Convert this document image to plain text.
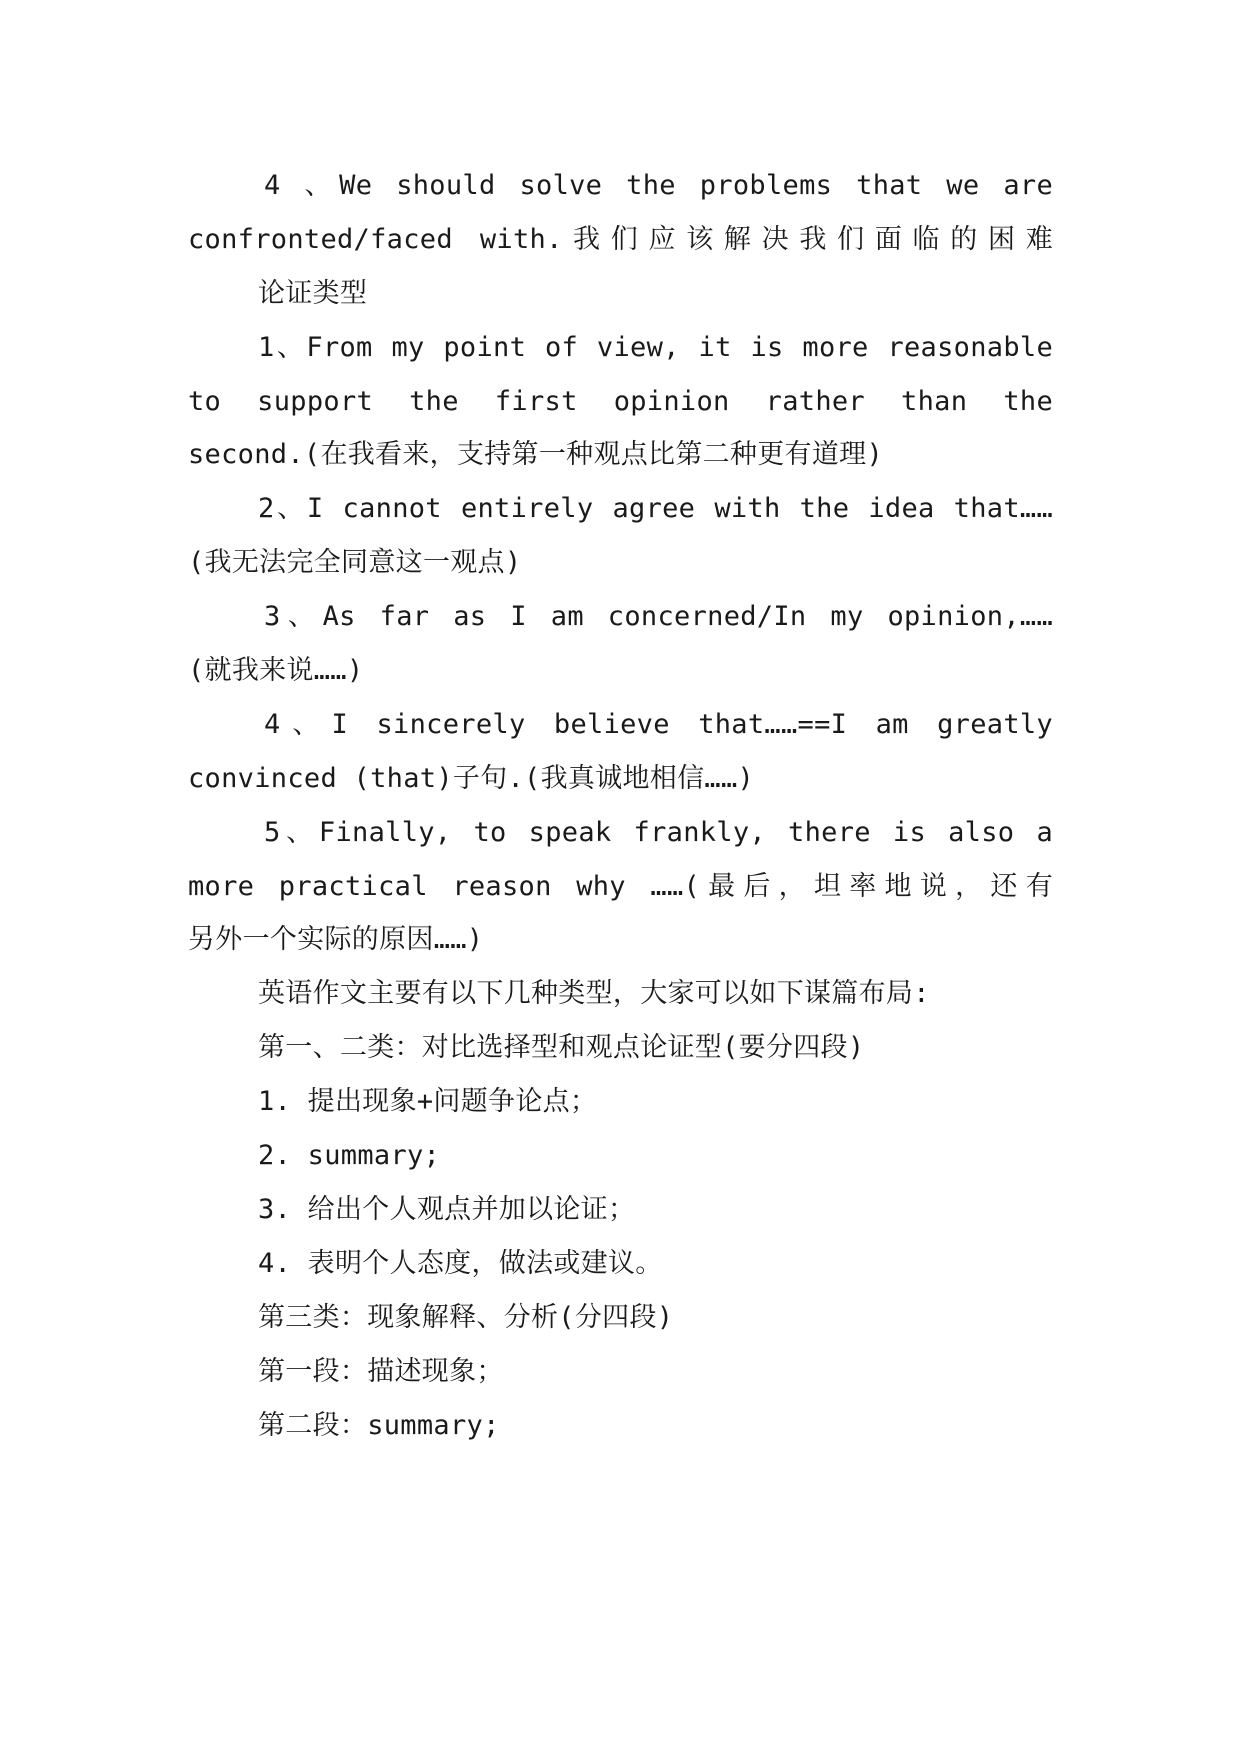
4 、We should solve the problems that we are
confronted/faced with.我们应该解决我们面临的困难
论证类型
1、From my point of view, it is more reasonable
to support the first opinion rather than the
second.(在我看来，支持第一种观点比第二种更有道理)
2、I cannot entirely agree with the idea that……
(我无法完全同意这一观点)
3、As far as I am concerned/In my opinion,……
(就我来说……)
4、I sincerely believe that……==I am greatly
convinced (that)子句.(我真诚地相信……)
5、Finally, to speak frankly, there is also a
more practical reason why ……(最后，坦率地说，还有
另外一个实际的原因……)
英语作文主要有以下几种类型，大家可以如下谋篇布局:
第一、二类：对比选择型和观点论证型(要分四段)
1. 提出现象+问题争论点；
2. summary;
3. 给出个人观点并加以论证；
4. 表明个人态度，做法或建议。
第三类：现象解释、分析(分四段)
第一段：描述现象；
第二段：summary;
